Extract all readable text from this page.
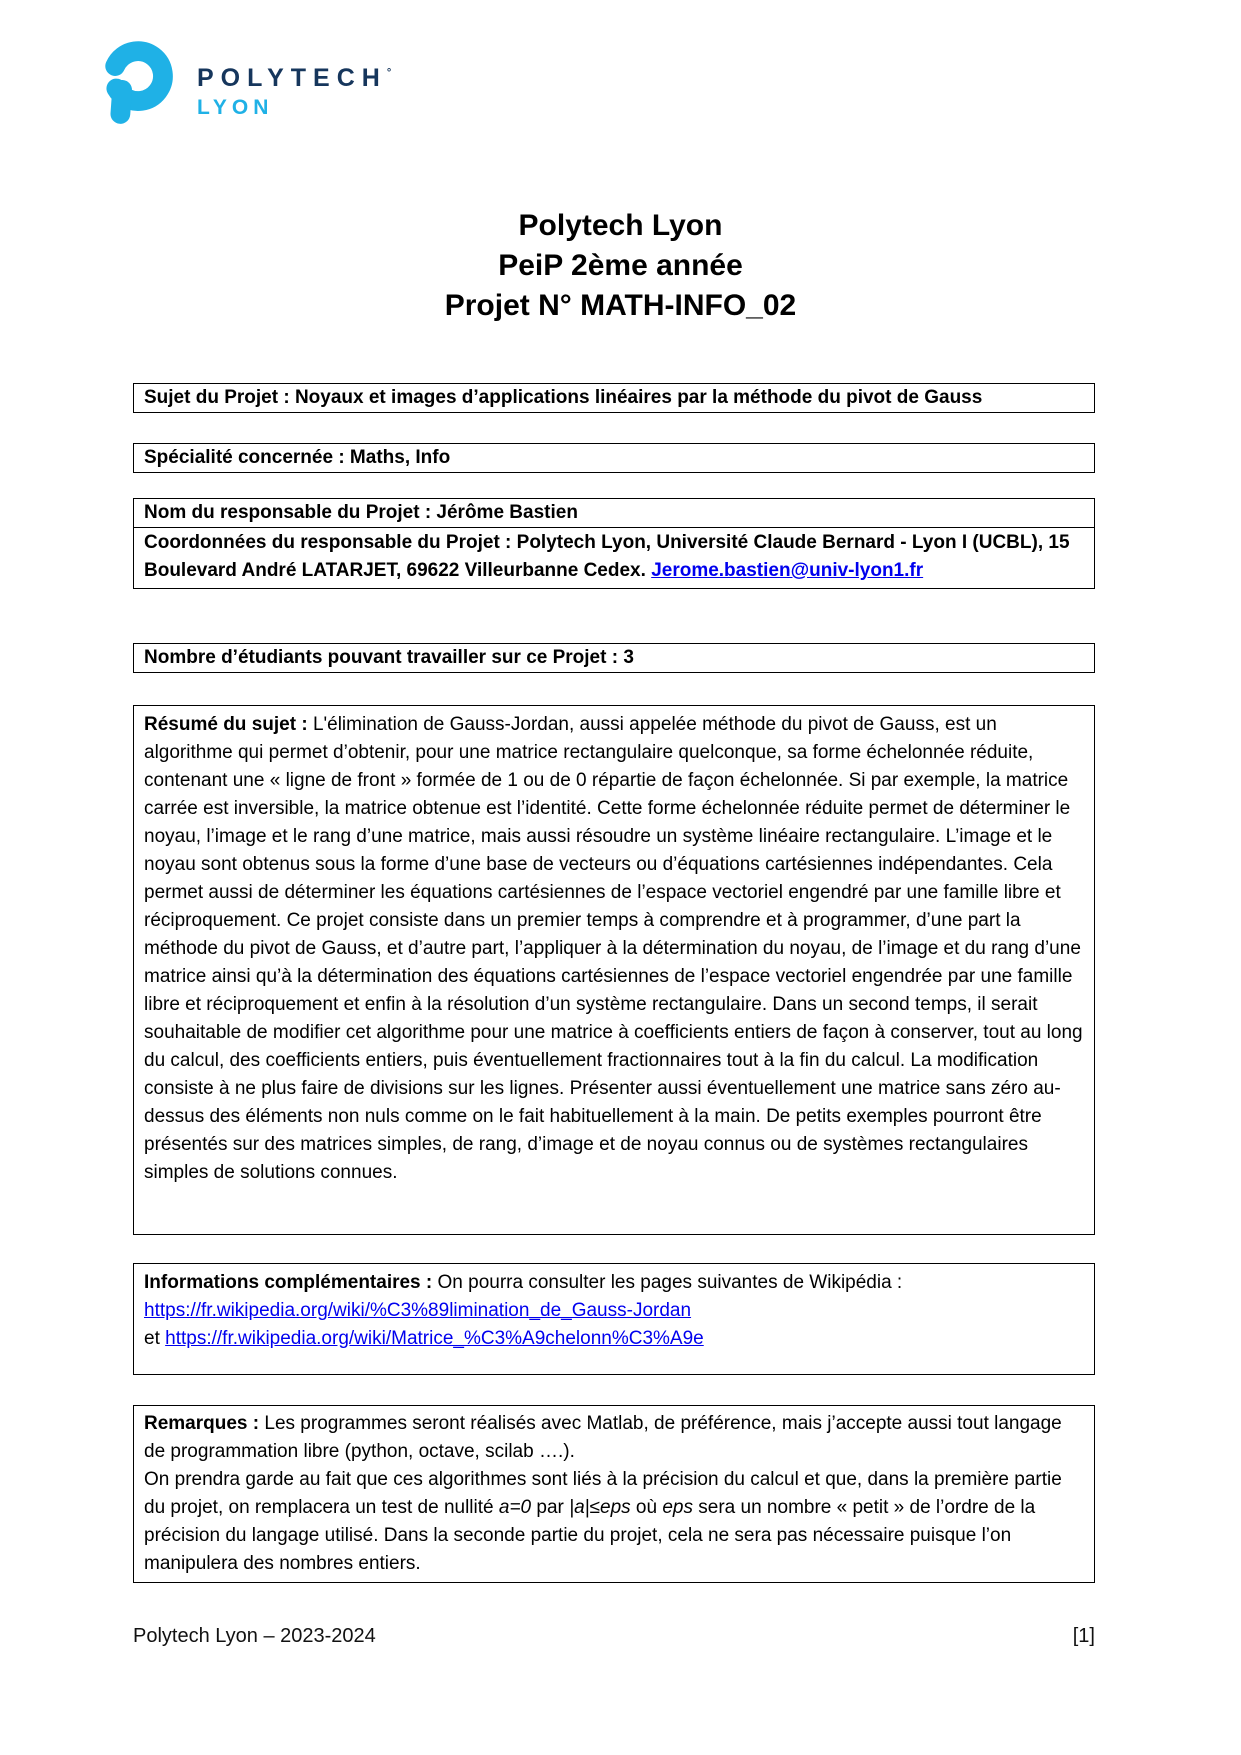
POLYTECH°
LYON
Polytech Lyon
PeiP 2ème année
Projet N° MATH-INFO_02
Sujet du Projet : Noyaux et images d’applications linéaires par la méthode du pivot de Gauss
Spécialité concernée : Maths, Info
Nom du responsable du Projet : Jérôme Bastien
Coordonnées du responsable du Projet : Polytech Lyon, Université Claude Bernard - Lyon I (UCBL), 15 Boulevard André LATARJET, 69622 Villeurbanne Cedex. Jerome.bastien@univ-lyon1.fr
Nombre d’étudiants pouvant travailler sur ce Projet : 3

Résumé du sujet : L'élimination de Gauss-Jordan, aussi appelée méthode du pivot de Gauss, est un algorithme qui permet d’obtenir, pour une matrice rectangulaire quelconque, sa forme échelonnée réduite, contenant une « ligne de front » formée de 1 ou de 0 répartie de façon échelonnée. Si par exemple, la matrice carrée est inversible, la matrice obtenue est l’identité. Cette forme échelonnée réduite permet de déterminer le noyau, l’image et le rang d’une matrice, mais aussi résoudre un système linéaire rectangulaire. L’image et le noyau sont obtenus sous la forme d’une base de vecteurs ou d’équations cartésiennes indépendantes. Cela permet aussi de déterminer les équations cartésiennes de l’espace vectoriel engendré par une famille libre et réciproquement. Ce projet consiste dans un premier temps à comprendre et à programmer, d’une part la méthode du pivot de Gauss, et d’autre part, l’appliquer à la détermination du noyau, de l’image et du rang d’une matrice ainsi qu’à la détermination des équations cartésiennes de l’espace vectoriel engendrée par une famille libre et réciproquement et enfin à la résolution d’un système rectangulaire. Dans un second temps, il serait souhaitable de modifier cet algorithme pour une matrice à coefficients entiers de façon à conserver, tout au long du calcul, des coefficients entiers, puis éventuellement fractionnaires tout à la fin du calcul. La modification consiste à ne plus faire de divisions sur les lignes. Présenter aussi éventuellement une matrice sans zéro au-dessus des éléments non nuls comme on le fait habituellement à la main. De petits exemples pourront être présentés sur des matrices simples, de rang, d’image et de noyau connus ou de systèmes rectangulaires simples de solutions connues.

Informations complémentaires : On pourra consulter les pages suivantes de Wikipédia :

https://fr.wikipedia.org/wiki/%C3%89limination_de_Gauss-Jordan
et https://fr.wikipedia.org/wiki/Matrice_%C3%A9chelonn%C3%A9e

Remarques : Les programmes seront réalisés avec Matlab, de préférence, mais j’accepte aussi tout langage de programmation libre (python, octave, scilab ….).

On prendra garde au fait que ces algorithmes sont liés à la précision du calcul et que, dans la première partie du projet, on remplacera un test de nullité a=0 par |a|≤eps où eps sera un nombre « petit » de l’ordre de la précision du langage utilisé. Dans la seconde partie du projet, cela ne sera pas nécessaire puisque l’on manipulera des nombres entiers.

Polytech Lyon – 2023-2024	[1]
